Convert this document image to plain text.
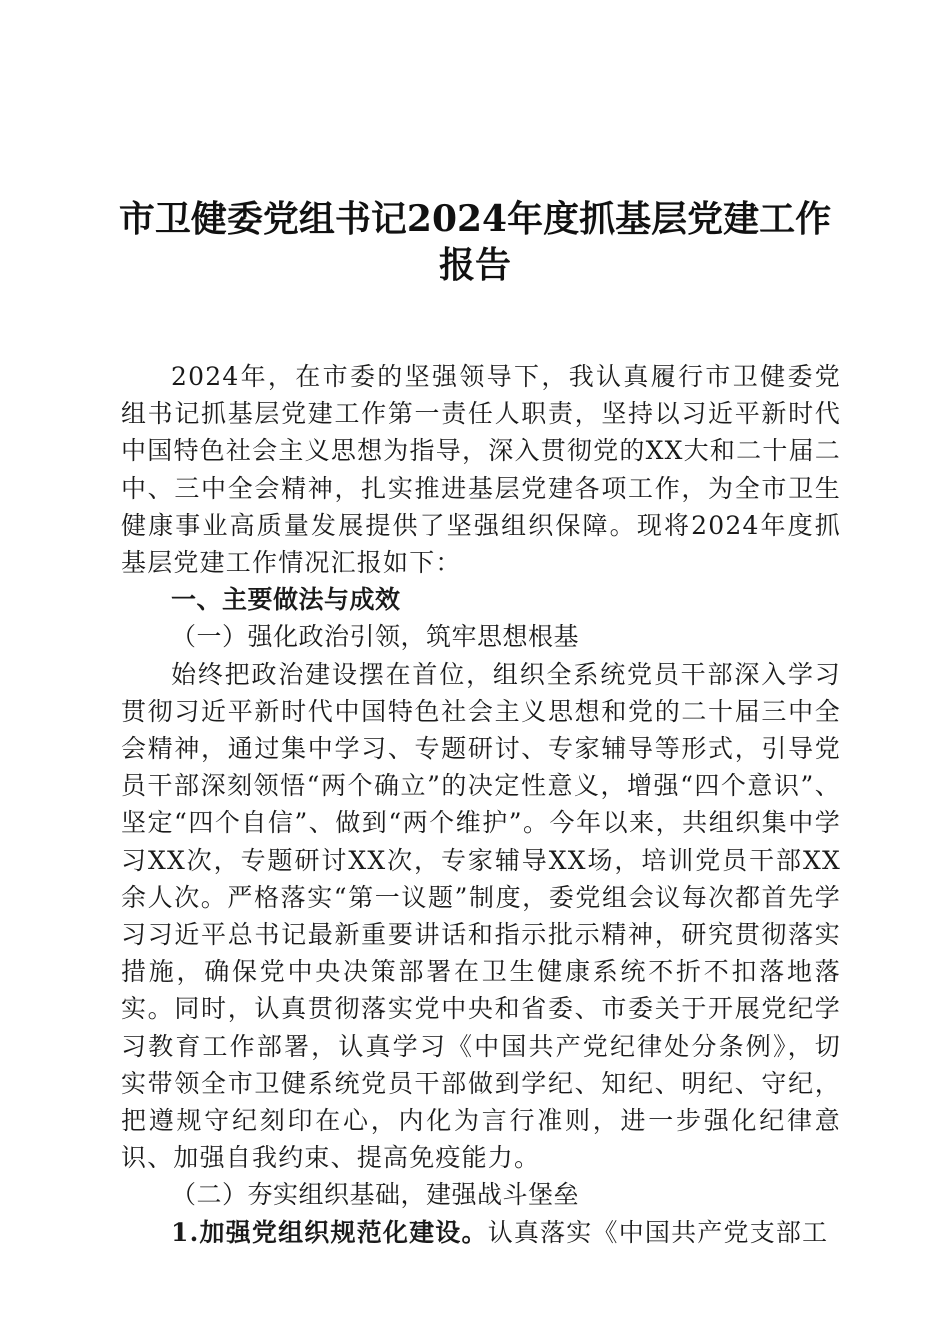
市卫健委党组书记2024年度抓基层党建工作
报告

2024年，在市委的坚强领导下，我认真履行市卫健委党组书记抓基层党建工作第一责任人职责，坚持以习近平新时代中国特色社会主义思想为指导，深入贯彻党的XX大和二十届二中、三中全会精神，扎实推进基层党建各项工作，为全市卫生健康事业高质量发展提供了坚强组织保障。现将2024年度抓基层党建工作情况汇报如下：

一、主要做法与成效

（一）强化政治引领，筑牢思想根基

始终把政治建设摆在首位，组织全系统党员干部深入学习贯彻习近平新时代中国特色社会主义思想和党的二十届三中全会精神，通过集中学习、专题研讨、专家辅导等形式，引导党员干部深刻领悟“两个确立”的决定性意义，增强“四个意识”、坚定“四个自信”、做到“两个维护”。今年以来，共组织集中学习XX次，专题研讨XX次，专家辅导XX场，培训党员干部XX余人次。严格落实“第一议题”制度，委党组会议每次都首先学习习近平总书记最新重要讲话和指示批示精神，研究贯彻落实措施，确保党中央决策部署在卫生健康系统不折不扣落地落实。同时，认真贯彻落实党中央和省委、市委关于开展党纪学习教育工作部署，认真学习《中国共产党纪律处分条例》，切实带领全市卫健系统党员干部做到学纪、知纪、明纪、守纪，把遵规守纪刻印在心，内化为言行准则，进一步强化纪律意识、加强自我约束、提高免疫能力。

（二）夯实组织基础，建强战斗堡垒

1.加强党组织规范化建设。认真落实《中国共产党支部工
